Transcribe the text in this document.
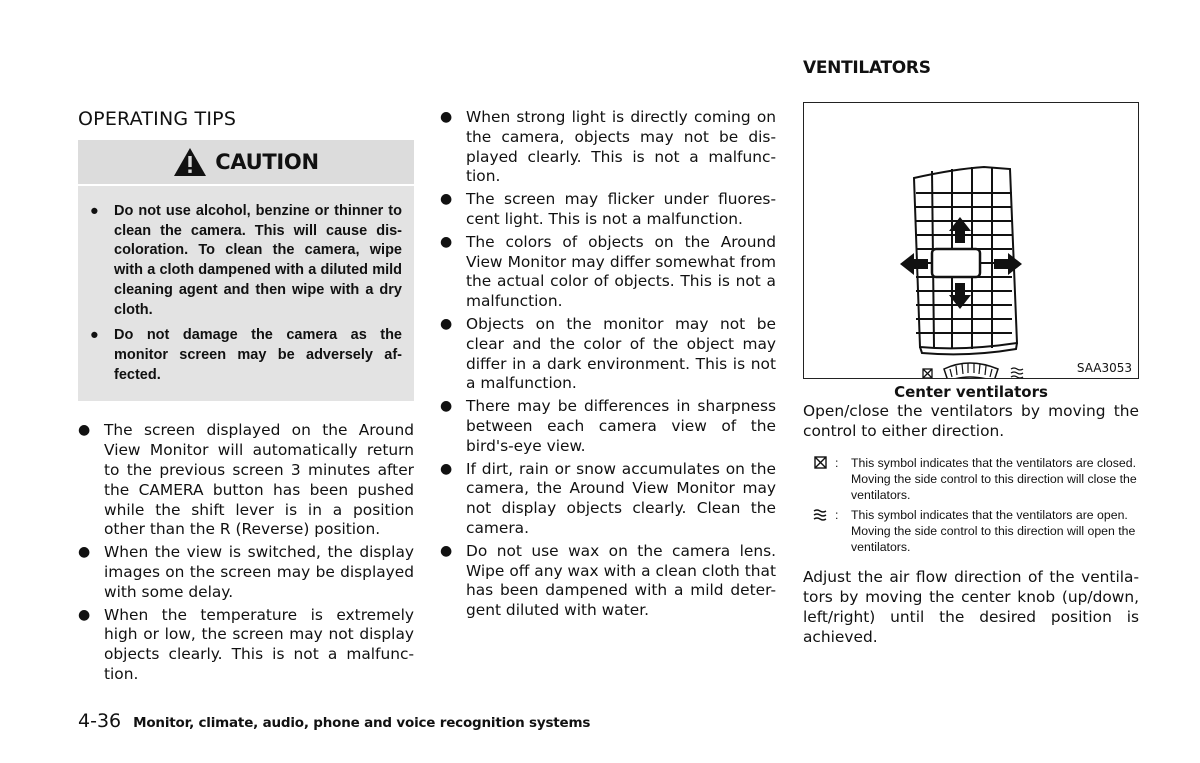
OPERATING TIPS
CAUTION
● Do not use alcohol, benzine or thinner to clean the camera. This will cause dis-coloration. To clean the camera, wipe with a cloth dampened with a diluted mild cleaning agent and then wipe with a dry cloth.
● Do not damage the camera as the monitor screen may be adversely af-fected.
● The screen displayed on the Around View Monitor will automatically return to the previous screen 3 minutes after the CAMERA button has been pushed while the shift lever is in a position other than the R (Reverse) position.
● When the view is switched, the display images on the screen may be displayed with some delay.
● When the temperature is extremely high or low, the screen may not display objects clearly. This is not a malfunc-tion.
● When strong light is directly coming on the camera, objects may not be dis-played clearly. This is not a malfunc-tion.
● The screen may flicker under fluores-cent light. This is not a malfunction.
● The colors of objects on the Around View Monitor may differ somewhat from the actual color of objects. This is not a malfunction.
● Objects on the monitor may not be clear and the color of the object may differ in a dark environment. This is not a malfunction.
● There may be differences in sharpness between each camera view of the bird's-eye view.
● If dirt, rain or snow accumulates on the camera, the Around View Monitor may not display objects clearly. Clean the camera.
● Do not use wax on the camera lens. Wipe off any wax with a clean cloth that has been dampened with a mild deter-gent diluted with water.
VENTILATORS
SAA3053
Center ventilators

Open/close the ventilators by moving the control to either direction.

:	This symbol indicates that the ventilators are closed. Moving the side control to this direction will close the ventilators.
:	This symbol indicates that the ventilators are open. Moving the side control to this direction will open the ventilators.

Adjust the air flow direction of the ventila-tors by moving the center knob (up/down, left/right) until the desired position is achieved.

4-36 Monitor, climate, audio, phone and voice recognition systems
